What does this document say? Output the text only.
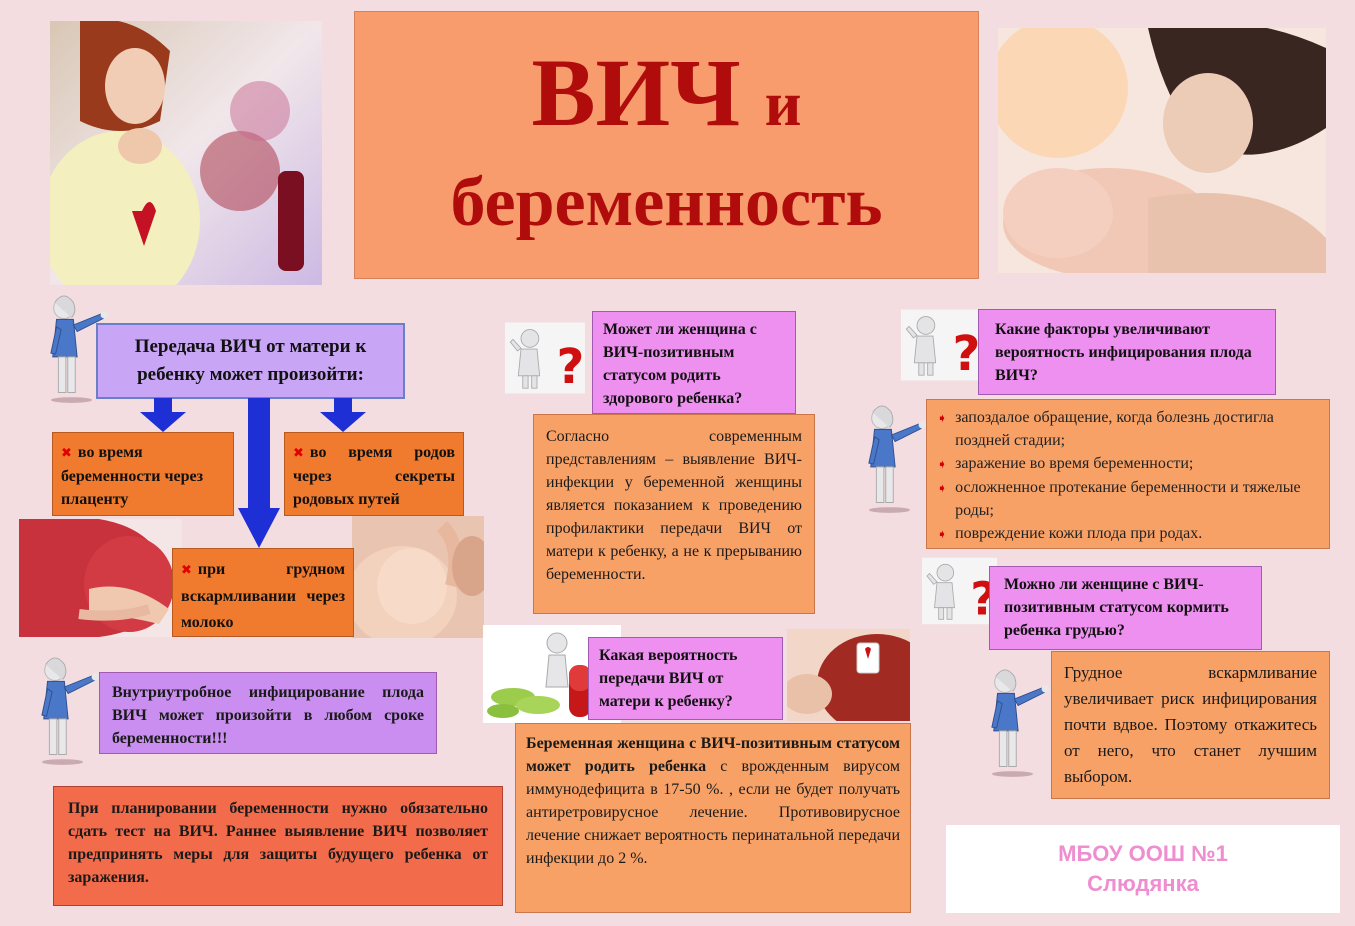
ВИЧ и
беременность
Передача ВИЧ от матери к ребенку может произойти:
✖ во время беременности через плаценту
✖ во время родов через секреты родовых путей
✖ при грудном вскармливании через молоко
Внутриутробное инфицирование плода ВИЧ может произойти в любом сроке беременности!!!
При планировании беременности нужно обязательно сдать тест на ВИЧ. Раннее выявление ВИЧ позволяет предпринять меры для защиты будущего ребенка от заражения.
Может ли женщина с ВИЧ-позитивным статусом родить здорового ребенка?
Согласно современным представлениям – выявление ВИЧ-инфекции у беременной женщины является показанием к проведению профилактики передачи ВИЧ от матери к ребенку, а не к прерыванию беременности.
Какая вероятность передачи ВИЧ от матери к ребенку?
Беременная женщина с ВИЧ-позитивным статусом может родить ребенка с врожденным вирусом иммунодефицита в 17-50 %. , если не будет получать антиретровирусное лечение. Противовирусное лечение снижает вероятность перинатальной передачи инфекции до 2 %.
Какие факторы увеличивают вероятность инфицирования плода ВИЧ?
➧ запоздалое обращение, когда болезнь достигла поздней стадии;
➧ заражение во время беременности;
➧ осложненное протекание беременности и тяжелые роды;
➧ повреждение кожи плода при родах.
Можно ли женщине с ВИЧ-позитивным статусом кормить ребенка грудью?
Грудное вскармливание увеличивает риск инфицирования почти вдвое. Поэтому откажитесь от него, что станет лучшим выбором.
МБОУ ООШ №1
Слюдянка
